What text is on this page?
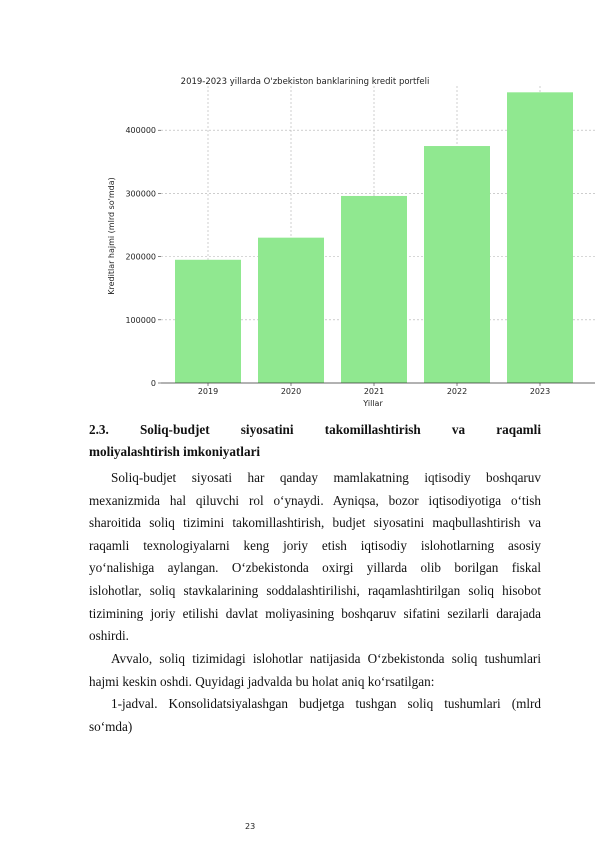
2019-2023 yillarda O'zbekiston banklarining kredit portfeli
0
100000
200000
300000
400000
2019	2020	2021	2022	2023
Yillar
Kreditlar hajmi (mlrd so'mda)
2.3. Soliq-budjet siyosatini takomillashtirish va raqamli
moliyalashtirish imkoniyatlari
Soliq-budjet siyosati har qanday mamlakatning iqtisodiy boshqaruv
mexanizmida hal qiluvchi rol o‘ynaydi. Ayniqsa, bozor iqtisodiyotiga o‘tish
sharoitida soliq tizimini takomillashtirish, budjet siyosatini maqbullashtirish va
raqamli texnologiyalarni keng joriy etish iqtisodiy islohotlarning asosiy
yo‘nalishiga aylangan. O‘zbekistonda oxirgi yillarda olib borilgan fiskal
islohotlar, soliq stavkalarining soddalashtirilishi, raqamlashtirilgan soliq hisobot
tizimining joriy etilishi davlat moliyasining boshqaruv sifatini sezilarli darajada
oshirdi.
Avvalo, soliq tizimidagi islohotlar natijasida O‘zbekistonda soliq tushumlari
hajmi keskin oshdi. Quyidagi jadvalda bu holat aniq ko‘rsatilgan:
1-jadval. Konsolidatsiyalashgan budjetga tushgan soliq tushumlari (mlrd
so‘mda)
23
